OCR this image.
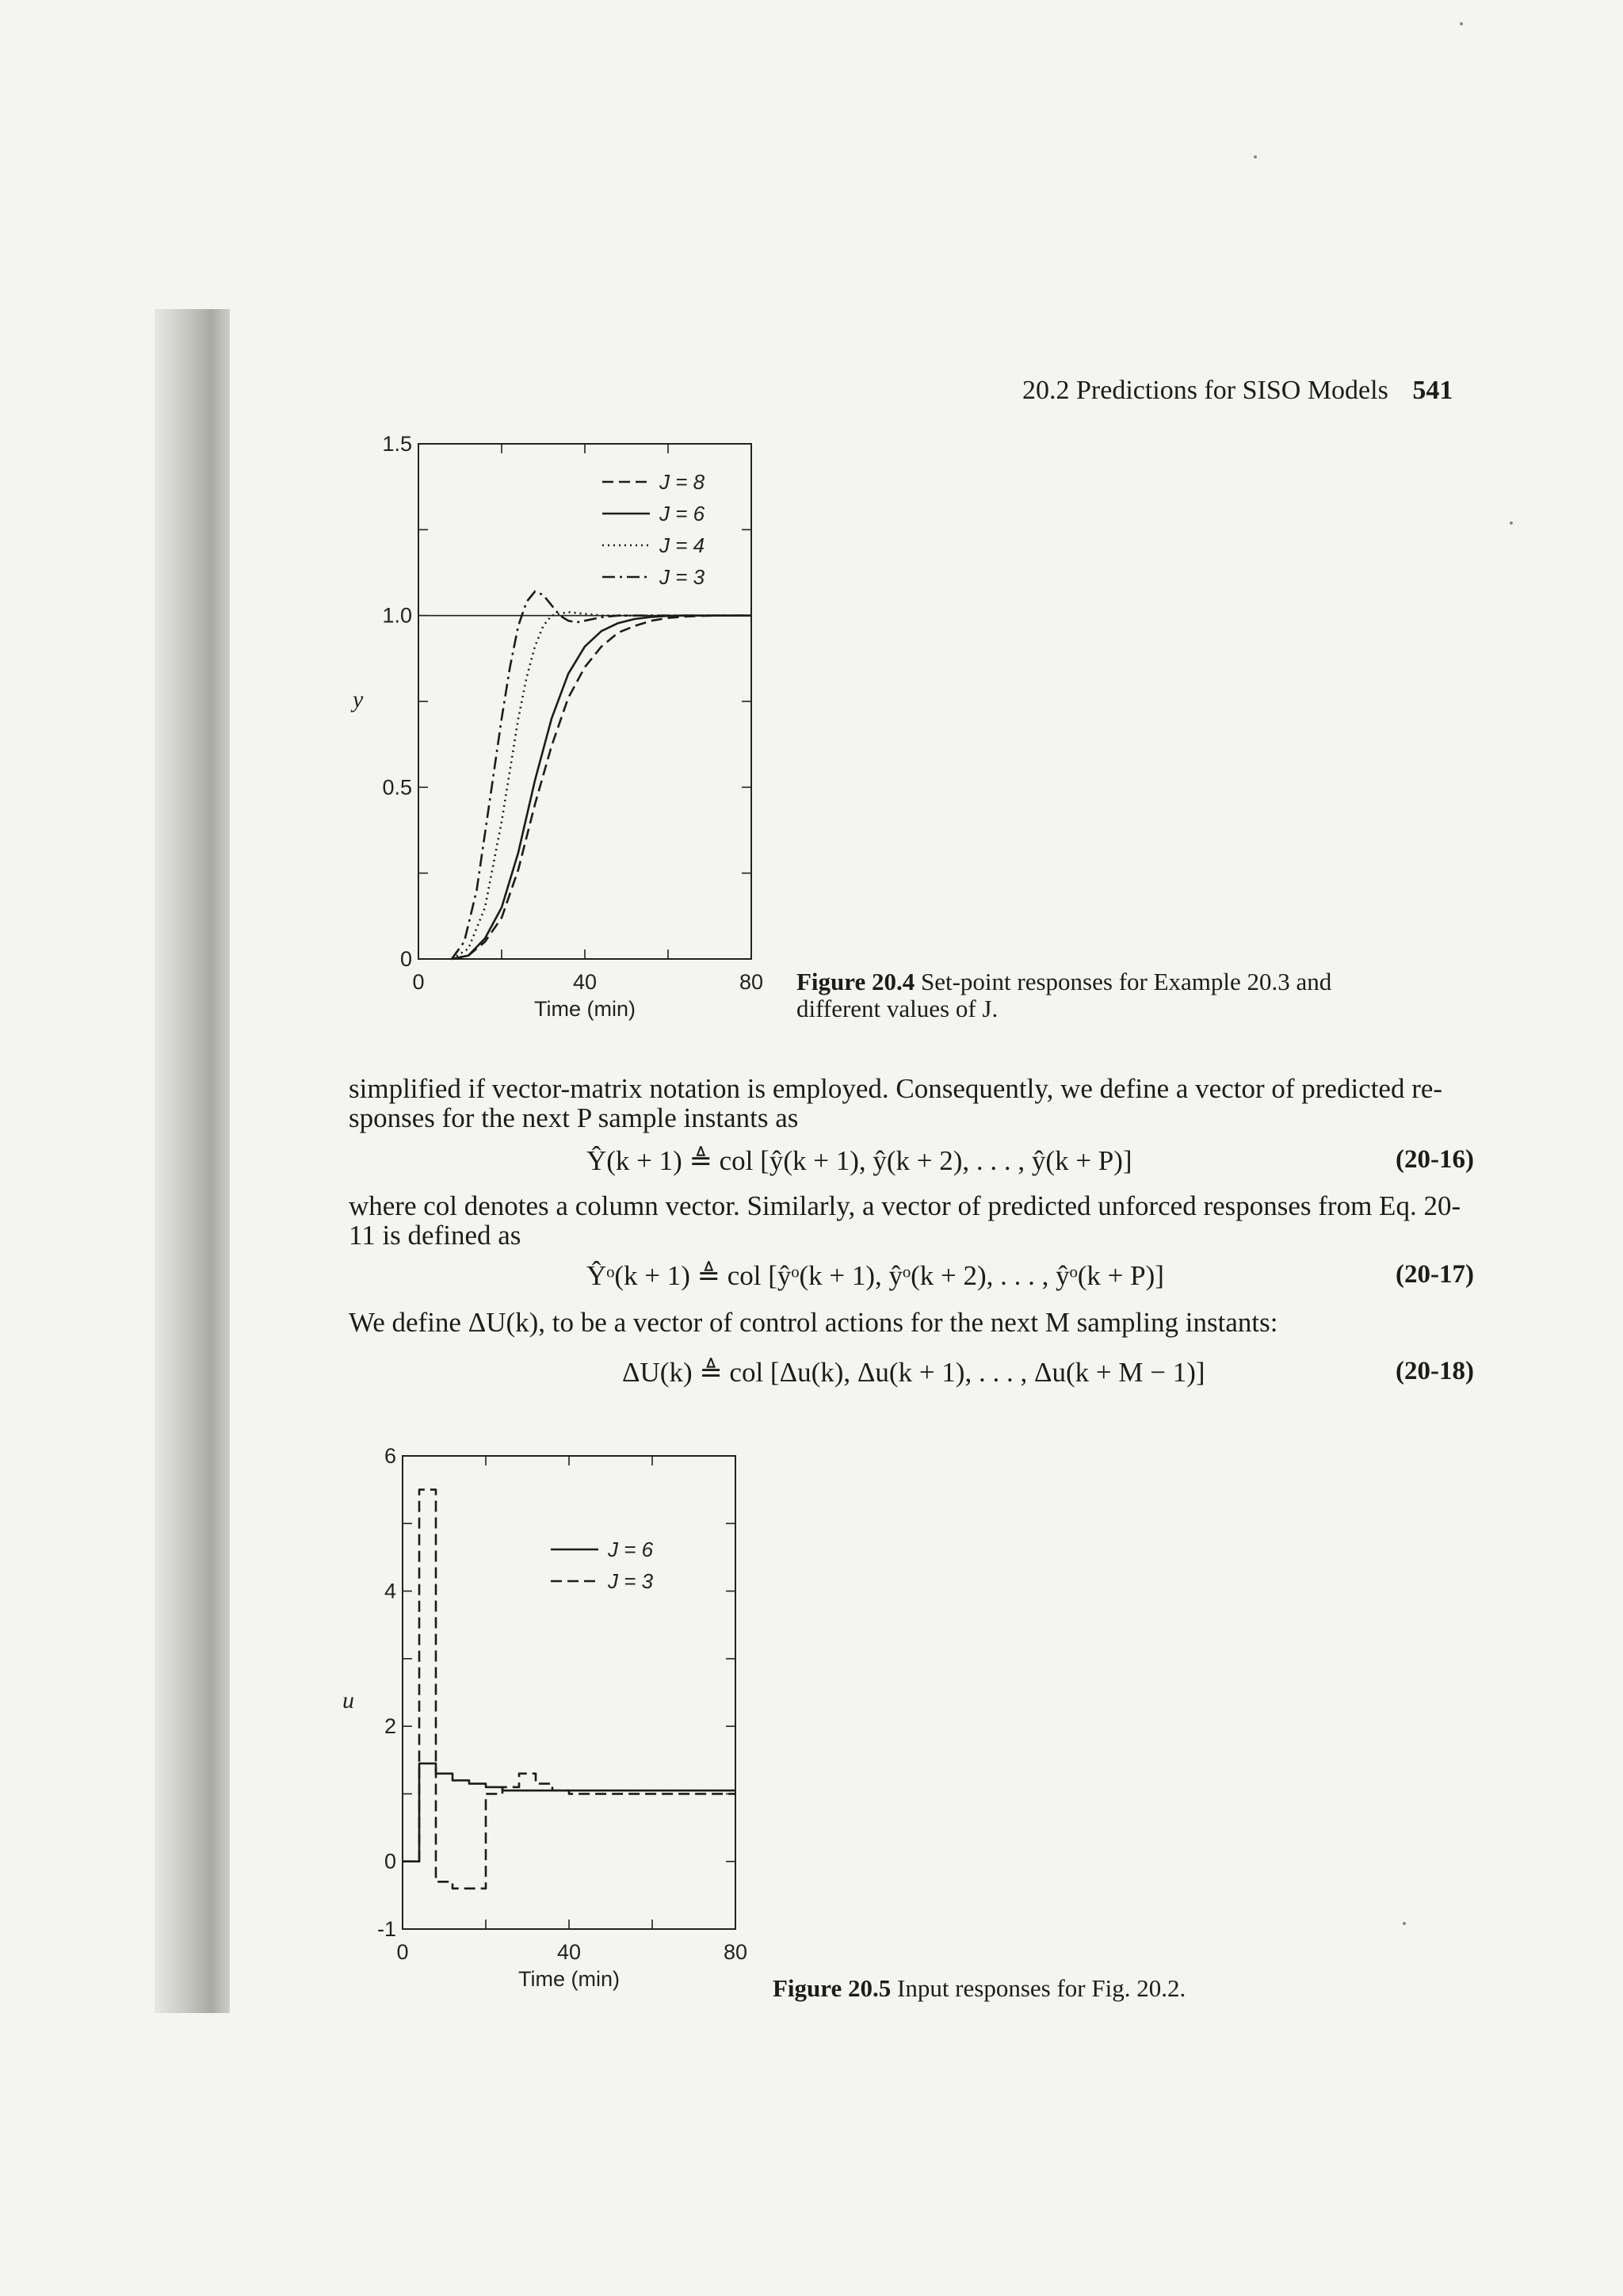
20.2 Predictions for SISO Models 541
0	40	80
0
0.5
1.0
1.5
Time (min)
y
J = 8
J = 6
J = 4
J = 3
Figure 20.4 Set-point responses for Example 20.3 and different values of J.
simplified if vector-matrix notation is employed. Consequently, we define a vector of predicted re-sponses for the next P sample instants as
Ŷ(k + 1) ≜ col [ŷ(k + 1), ŷ(k + 2), . . . , ŷ(k + P)]	(20-16)
where col denotes a column vector. Similarly, a vector of predicted unforced responses from Eq. 20-11 is defined as
Ŷᵒ(k + 1) ≜ col [ŷᵒ(k + 1), ŷᵒ(k + 2), . . . , ŷᵒ(k + P)]	(20-17)
We define ΔU(k), to be a vector of control actions for the next M sampling instants:
ΔU(k) ≜ col [Δu(k), Δu(k + 1), . . . , Δu(k + M − 1)]	(20-18)
0	40	80
-1
0
2
4
6
Time (min)
u
J = 6
J = 3
Figure 20.5 Input responses for Fig. 20.2.
